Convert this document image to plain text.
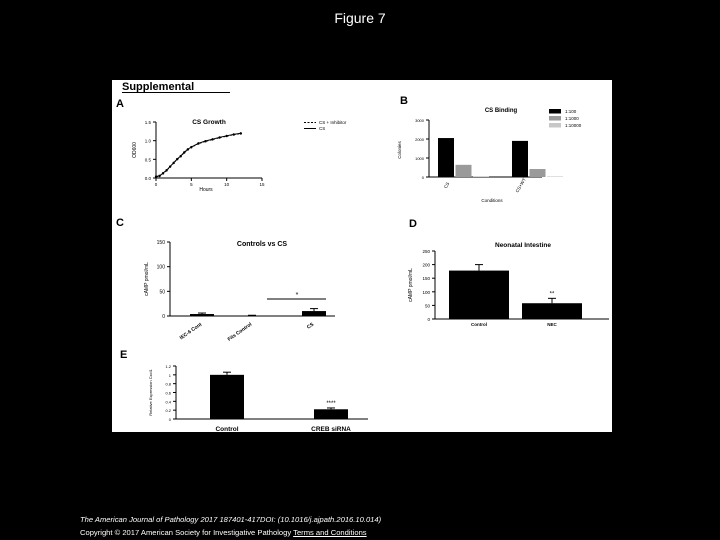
Figure 7
Supplemental
A	B
C	D
E
CS Growth
0.0
0.5
1.0
1.5
0	5	10	15
Hours
OD600
CS + Inhibitor
CS
CS Binding
0
1000
2000
3000
CS	CS+WT
Conditions
Colonies
1:100
1:1000
1:10000
Controls vs CS
0
50
100
150
IEC-6 Cont	Fits Control	CS
cAMP pmol/mL	*
Neonatal Intestine
0
50
100
150
200
250
Control	NEC
cAMP pmol/mL	**
0
0.2
0.4
0.6
0.8
1
1.2
Control	CREB siRNA
Relative Expression Cxcl1	****
The American Journal of Pathology 2017 187401-417DOI: (10.1016/j.ajpath.2016.10.014)
Copyright © 2017 American Society for Investigative Pathology Terms and Conditions
